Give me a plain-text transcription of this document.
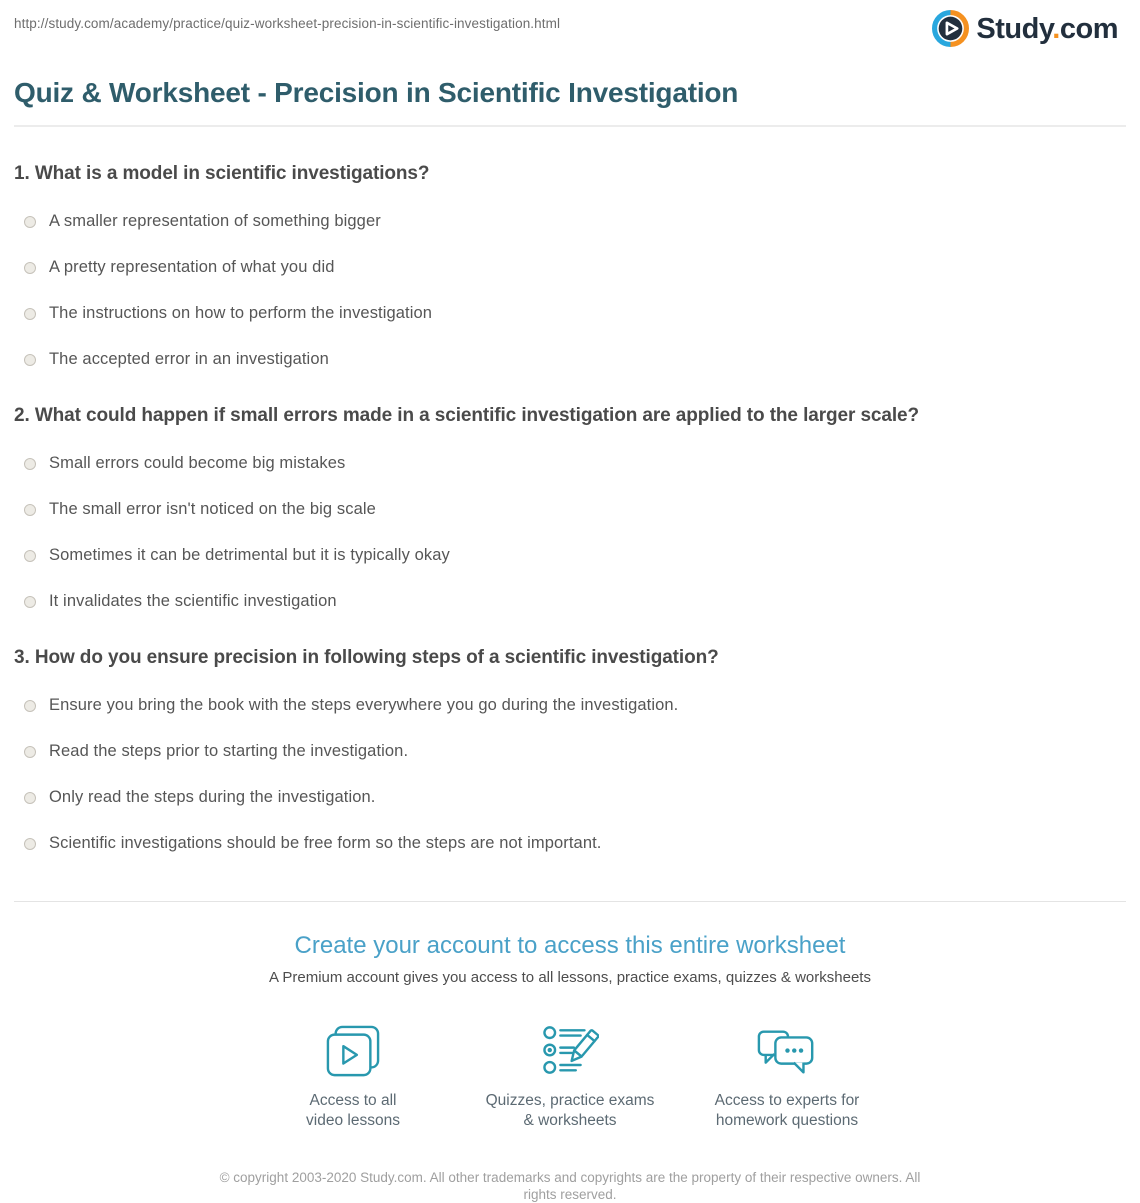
http://study.com/academy/practice/quiz-worksheet-precision-in-scientific-investigation.html	Study.com
Quiz & Worksheet - Precision in Scientific Investigation
1. What is a model in scientific investigations?
A smaller representation of something bigger
A pretty representation of what you did
The instructions on how to perform the investigation
The accepted error in an investigation
2. What could happen if small errors made in a scientific investigation are applied to the larger scale?
Small errors could become big mistakes
The small error isn't noticed on the big scale
Sometimes it can be detrimental but it is typically okay
It invalidates the scientific investigation
3. How do you ensure precision in following steps of a scientific investigation?
Ensure you bring the book with the steps everywhere you go during the investigation.
Read the steps prior to starting the investigation.
Only read the steps during the investigation.
Scientific investigations should be free form so the steps are not important.
Create your account to access this entire worksheet
A Premium account gives you access to all lessons, practice exams, quizzes & worksheets
Access to all
video lessons
Quizzes, practice exams
& worksheets
Access to experts for
homework questions
© copyright 2003-2020 Study.com. All other trademarks and copyrights are the property of their respective owners. All rights reserved.
